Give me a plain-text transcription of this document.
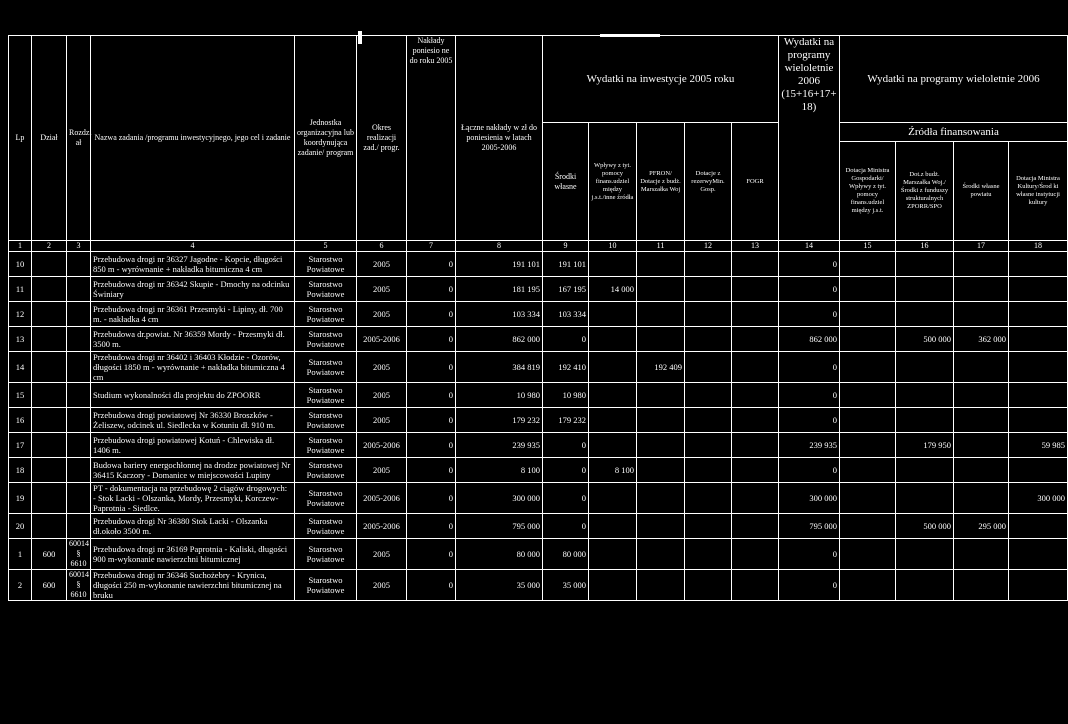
Lp	Dział	Rozdzi ał	Nazwa zadania /programu inwestycyjnego, jego cel i zadanie	Jednostka organizacyjna lub koordynująca zadanie/ program	Okres realizacji zad./ progr.	Nakłady poniesio ne do roku 2005	Łączne nakłady w zł do poniesienia w latach 2005-2006	Wydatki na inwestycje 2005 roku					Wydatki na programy wieloletnie 2006 (15+16+17+ 18)	Wydatki na programy wieloletnie 2006			
								Środki własne	Wpływy z tyt. pomocy finans.udziel między j.s.t./inne źródła	PFRON/ Dotacje z budż. Marszałka Woj	Dotacje z rezerwyMin. Gosp.	FOGR		Źródła finansowania			
														Dotacja Ministra Gospodarki/ Wpływy z tyt. pomocy finans.udziel między j.s.t.	Dot.z budż. Marszałka Woj./Środki z funduszy strukturalnych ZPORR/SPO	Środki własne powiatu	Dotacja Ministra Kultury/Środ ki własne instytucji kultury
1	2	3	4	5	6	7	8	9	10	11	12	13	14	15	16	17	18
10			Przebudowa drogi nr 36327 Jagodne - Kopcie, długości 850 m - wyrównanie + nakładka bitumiczna 4 cm	Starostwo Powiatowe	2005	0	191 101	191 101					0				
11			Przebudowa drogi nr 36342 Skupie - Dmochy na odcinku Świniary	Starostwo Powiatowe	2005	0	181 195	167 195	14 000				0				
12			Przebudowa drogi nr 36361 Przesmyki - Lipiny, dł. 700 m. - nakładka 4 cm	Starostwo Powiatowe	2005	0	103 334	103 334					0				
13			Przebudowa dr.powiat. Nr 36359 Mordy - Przesmyki dł. 3500 m.	Starostwo Powiatowe	2005-2006	0	862 000	0					862 000		500 000	362 000	
14			Przebudowa drogi nr 36402 i 36403 Kłodzie - Ozorów, długości 1850 m - wyrównanie + nakładka bitumiczna 4 cm	Starostwo Powiatowe	2005	0	384 819	192 410		192 409			0				
15			Studium wykonalności dla projektu do ZPOORR	Starostwo Powiatowe	2005	0	10 980	10 980					0				
16			Przebudowa drogi powiatowej Nr 36330 Broszków - Żeliszew, odcinek ul. Siedlecka w Kotuniu dł. 910 m.	Starostwo Powiatowe	2005	0	179 232	179 232					0				
17			Przebudowa drogi powiatowej Kotuń - Chlewiska dł. 1406 m.	Starostwo Powiatowe	2005-2006	0	239 935	0					239 935		179 950		59 985
18			Budowa bariery energochłonnej na drodze powiatowej Nr 36415 Kaczory - Domanice w miejscowości Lupiny	Starostwo Powiatowe	2005	0	8 100	0	8 100				0				
19			PT - dokumentacja na przebudowę 2 ciągów drogowych: - Stok Lacki - Olszanka, Mordy, Przesmyki, Korczew- Paprotnia - Siedlce.	Starostwo Powiatowe	2005-2006	0	300 000	0					300 000				300 000
20			Przebudowa drogi Nr 36380 Stok Lacki - Olszanka dł.około 3500 m.	Starostwo Powiatowe	2005-2006	0	795 000	0					795 000		500 000	295 000	
1	600	60014 § 6610	Przebudowa drogi nr 36169 Paprotnia - Kaliski, długości 900 m-wykonanie nawierzchni bitumicznej	Starostwo Powiatowe	2005	0	80 000	80 000					0				
2	600	60014 § 6610	Przebudowa drogi nr 36346 Suchożebry - Krynica, długości 250 m-wykonanie nawierzchni bitumicznej na bruku	Starostwo Powiatowe	2005	0	35 000	35 000					0				
